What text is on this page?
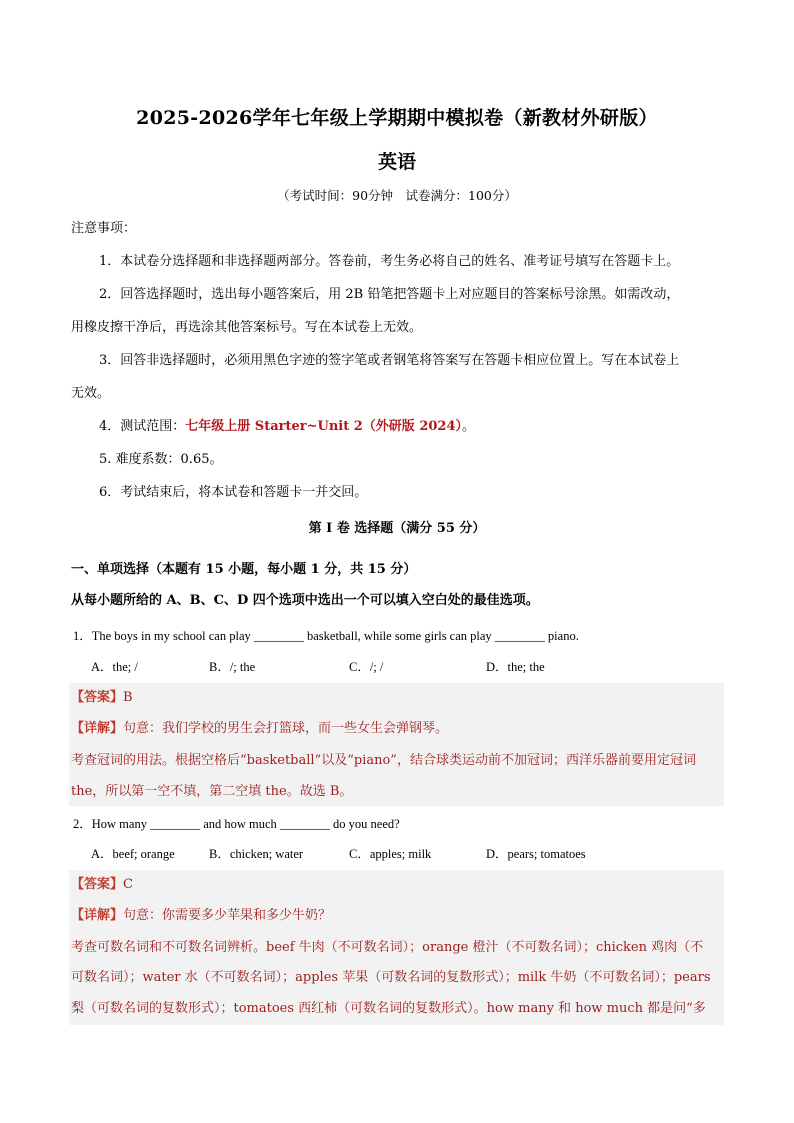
2025-2026学年七年级上学期期中模拟卷（新教材外研版）
英语
（考试时间：90分钟　试卷满分：100分）
注意事项：
1．本试卷分选择题和非选择题两部分。答卷前，考生务必将自己的姓名、准考证号填写在答题卡上。
2．回答选择题时，选出每小题答案后，用 2B 铅笔把答题卡上对应题目的答案标号涂黑。如需改动，
用橡皮擦干净后，再选涂其他答案标号。写在本试卷上无效。
3．回答非选择题时，必须用黑色字迹的签字笔或者钢笔将答案写在答题卡相应位置上。写在本试卷上
无效。
4．测试范围：七年级上册 Starter~Unit 2（外研版 2024）。
5. 难度系数：0.65。
6．考试结束后，将本试卷和答题卡一并交回。
第 I 卷 选择题（满分 55 分）
一、单项选择（本题有 15 小题，每小题 1 分，共 15 分）
从每小题所给的 A、B、C、D 四个选项中选出一个可以填入空白处的最佳选项。
1．The boys in my school can play ________ basketball, while some girls can play ________ piano.
A．the; /	B．/; the	C．/; /	D．the; the
【答案】B
【详解】句意：我们学校的男生会打篮球，而一些女生会弹钢琴。
考查冠词的用法。根据空格后“basketball”以及“piano”，结合球类运动前不加冠词；西洋乐器前要用定冠词
the，所以第一空不填，第二空填 the。故选 B。
2．How many ________ and how much ________ do you need?
A．beef; orange	B．chicken; water	C．apples; milk	D．pears; tomatoes
【答案】C
【详解】句意：你需要多少苹果和多少牛奶？
考查可数名词和不可数名词辨析。beef 牛肉（不可数名词）；orange 橙汁（不可数名词）；chicken 鸡肉（不
可数名词）；water 水（不可数名词）；apples 苹果（可数名词的复数形式）；milk 牛奶（不可数名词）；pears
梨（可数名词的复数形式）；tomatoes 西红柿（可数名词的复数形式）。how many 和 how much 都是问“多
